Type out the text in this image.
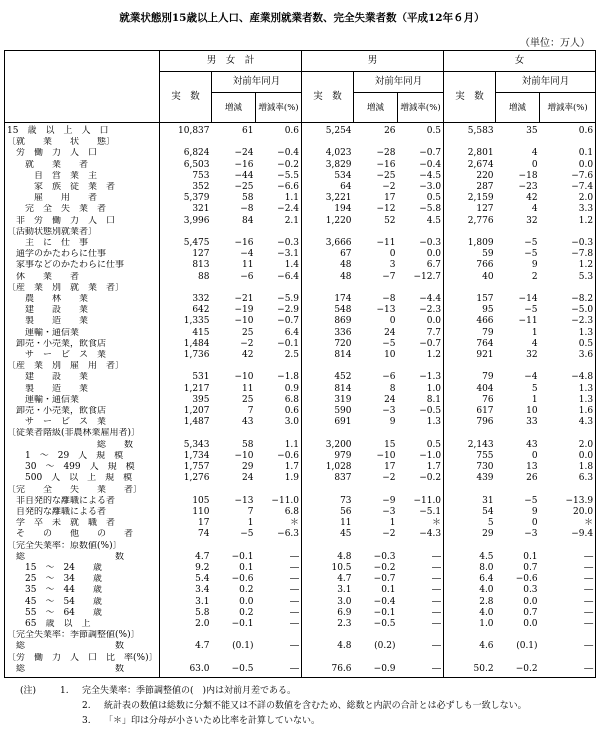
就業状態別15歳以上人口、産業別就業者数、完全失業者数（平成12年６月）
（単位：万人）
	男　女　計			男			女		
	実　数	対前年同月		実　数	対前年同月		実　数	対前年同月	
		増減	増減率(%)		増減	増減率(%)		増減	増減率(%)
15　歳　以　上　人　口	10,837	61	0.6	5,254	26	0.5	5,583	35	0.6
〔就　　業　　状　　態〕									
　労　働　力　人　口	6,824	−24	−0.4	4,023	−28	−0.7	2,801	4	0.1
　　就　　業　　者	6,503	−16	−0.2	3,829	−16	−0.4	2,674	0	0.0
　　　自　営　業　主	753	−44	−5.5	534	−25	−4.5	220	−18	−7.6
　　　家　族　従　業　者	352	−25	−6.6	64	−2	−3.0	287	−23	−7.4
　　　雇　　用　　者	5,379	58	1.1	3,221	17	0.5	2,159	42	2.0
　　完　全　失　業　者	321	−8	−2.4	194	−12	−5.8	127	4	3.3
　非　労　働　力　人　口	3,996	84	2.1	1,220	52	4.5	2,776	32	1.2
〔活動状態別就業者〕									
　　主　に　仕　事	5,475	−16	−0.3	3,666	−11	−0.3	1,809	−5	−0.3
　通学のかたわらに仕事	127	−4	−3.1	67	0	0.0	59	−5	−7.8
　家事などのかたわらに仕事	813	11	1.4	48	3	6.7	766	9	1.2
　休　　業　　者	88	−6	−6.4	48	−7	−12.7	40	2	5.3
〔産　業　別　就　業　者〕									
　　農　　林　　業	332	−21	−5.9	174	−8	−4.4	157	−14	−8.2
　　建　　設　　業	642	−19	−2.9	548	−13	−2.3	95	−5	−5.0
　　製　　造　　業	1,335	−10	−0.7	869	0	0.0	466	−11	−2.3
　　運輸・通信業	415	25	6.4	336	24	7.7	79	1	1.3
　卸売・小売業，飲食店	1,484	−2	−0.1	720	−5	−0.7	764	4	0.5
　　サ　ー　ビ　ス　業	1,736	42	2.5	814	10	1.2	921	32	3.6
〔産　業　別　雇　用　者〕									
　　建　　設　　業	531	−10	−1.8	452	−6	−1.3	79	−4	−4.8
　　製　　造　　業	1,217	11	0.9	814	8	1.0	404	5	1.3
　　運輸・通信業	395	25	6.8	319	24	8.1	76	1	1.3
　卸売・小売業，飲食店	1,207	7	0.6	590	−3	−0.5	617	10	1.6
　　サ　ー　ビ　ス　業	1,487	43	3.0	691	9	1.3	796	33	4.3
〔従業者階級(非農林業雇用者)〕									
　　　　　　　　　　総　　数	5,343	58	1.1	3,200	15	0.5	2,143	43	2.0
　　1　〜　29　人　規　模	1,734	−10	−0.6	979	−10	−1.0	755	0	0.0
　　30　〜　499　人　規　模	1,757	29	1.7	1,028	17	1.7	730	13	1.8
　　500　人　以　上　規　模	1,276	24	1.9	837	−2	−0.2	439	26	6.3
〔完　　全　　失　　業　　者〕									
　非自発的な離職による者	105	−13	−11.0	73	−9	−11.0	31	−5	−13.9
　自発的な離職による者	110	7	6.8	56	−3	−5.1	54	9	20.0
　学　卒　未　就　職　者	17	1	＊	11	1	＊	5	0	＊
　そ　　の　　他　　の　　者	74	−5	−6.3	45	−2	−4.3	29	−3	−9.4
〔完全失業率：原数値(%)〕									
　総　　　　　　　　　　数	4.7	−0.1	―	4.8	−0.3	―	4.5	0.1	―
　　15　〜　24　　歳	9.2	0.1	―	10.5	−0.2	―	8.0	0.7	―
　　25　〜　34　　歳	5.4	−0.6	―	4.7	−0.7	―	6.4	−0.6	―
　　35　〜　44　　歳	3.4	0.2	―	3.1	0.1	―	4.0	0.3	―
　　45　〜　54　　歳	3.1	0.0	―	3.0	−0.4	―	2.8	0.0	―
　　55　〜　64　　歳	5.8	0.2	―	6.9	−0.1	―	4.0	0.7	―
　　65　歳　以　上	2.0	−0.1	―	2.3	−0.5	―	1.0	0.0	―
〔完全失業率：季節調整値(%)〕									
　総　　　　　　　　　　数	4.7	(0.1)	―	4.8	(0.2)	―	4.6	(0.1)	―
〔労　働　力　人　口　比　率(%)〕									
　総　　　　　　　　　　数	63.0	−0.5	―	76.6	−0.9	―	50.2	−0.2	―
(注)	1. 完全失業率：季節調整値の(　)内は対前月差である。
2. 統計表の数値は総数に分類不能又は不詳の数値を含むため、総数と内訳の合計とは必ずしも一致しない。
3. 「＊」印は分母が小さいため比率を計算していない。
